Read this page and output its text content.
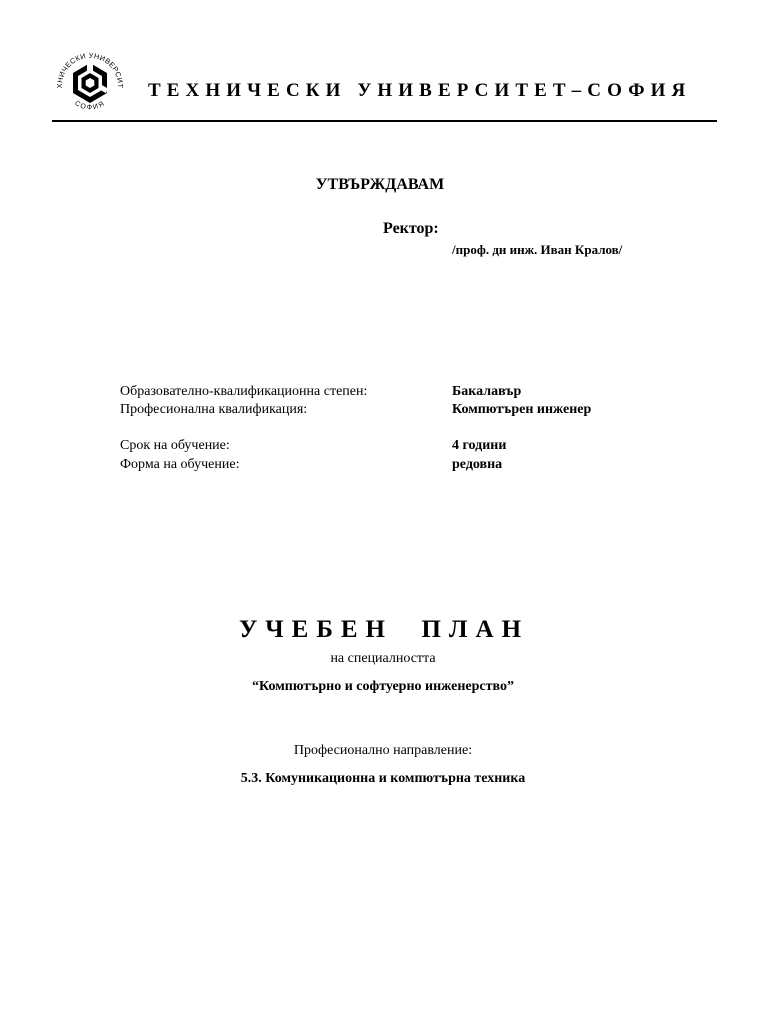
ХНИЧЕСКИ УНИВЕРСИТ
СОФИЯ
ТЕХНИЧЕСКИ УНИВЕРСИТЕТ–СОФИЯ
УТВЪРЖДАВАМ
Ректор:
/проф. дн инж. Иван Кралов/
Образователно-квалификационна степен:	Бакалавър
Професионална квалификация:	Компютърен инженер
Срок на обучение:	4 години
Форма на обучение:	редовна
УЧЕБЕН  ПЛАН
на специалността
“Компютърно и софтуерно инженерство”
Професионално направление:
5.3. Комуникационна и компютърна техника
